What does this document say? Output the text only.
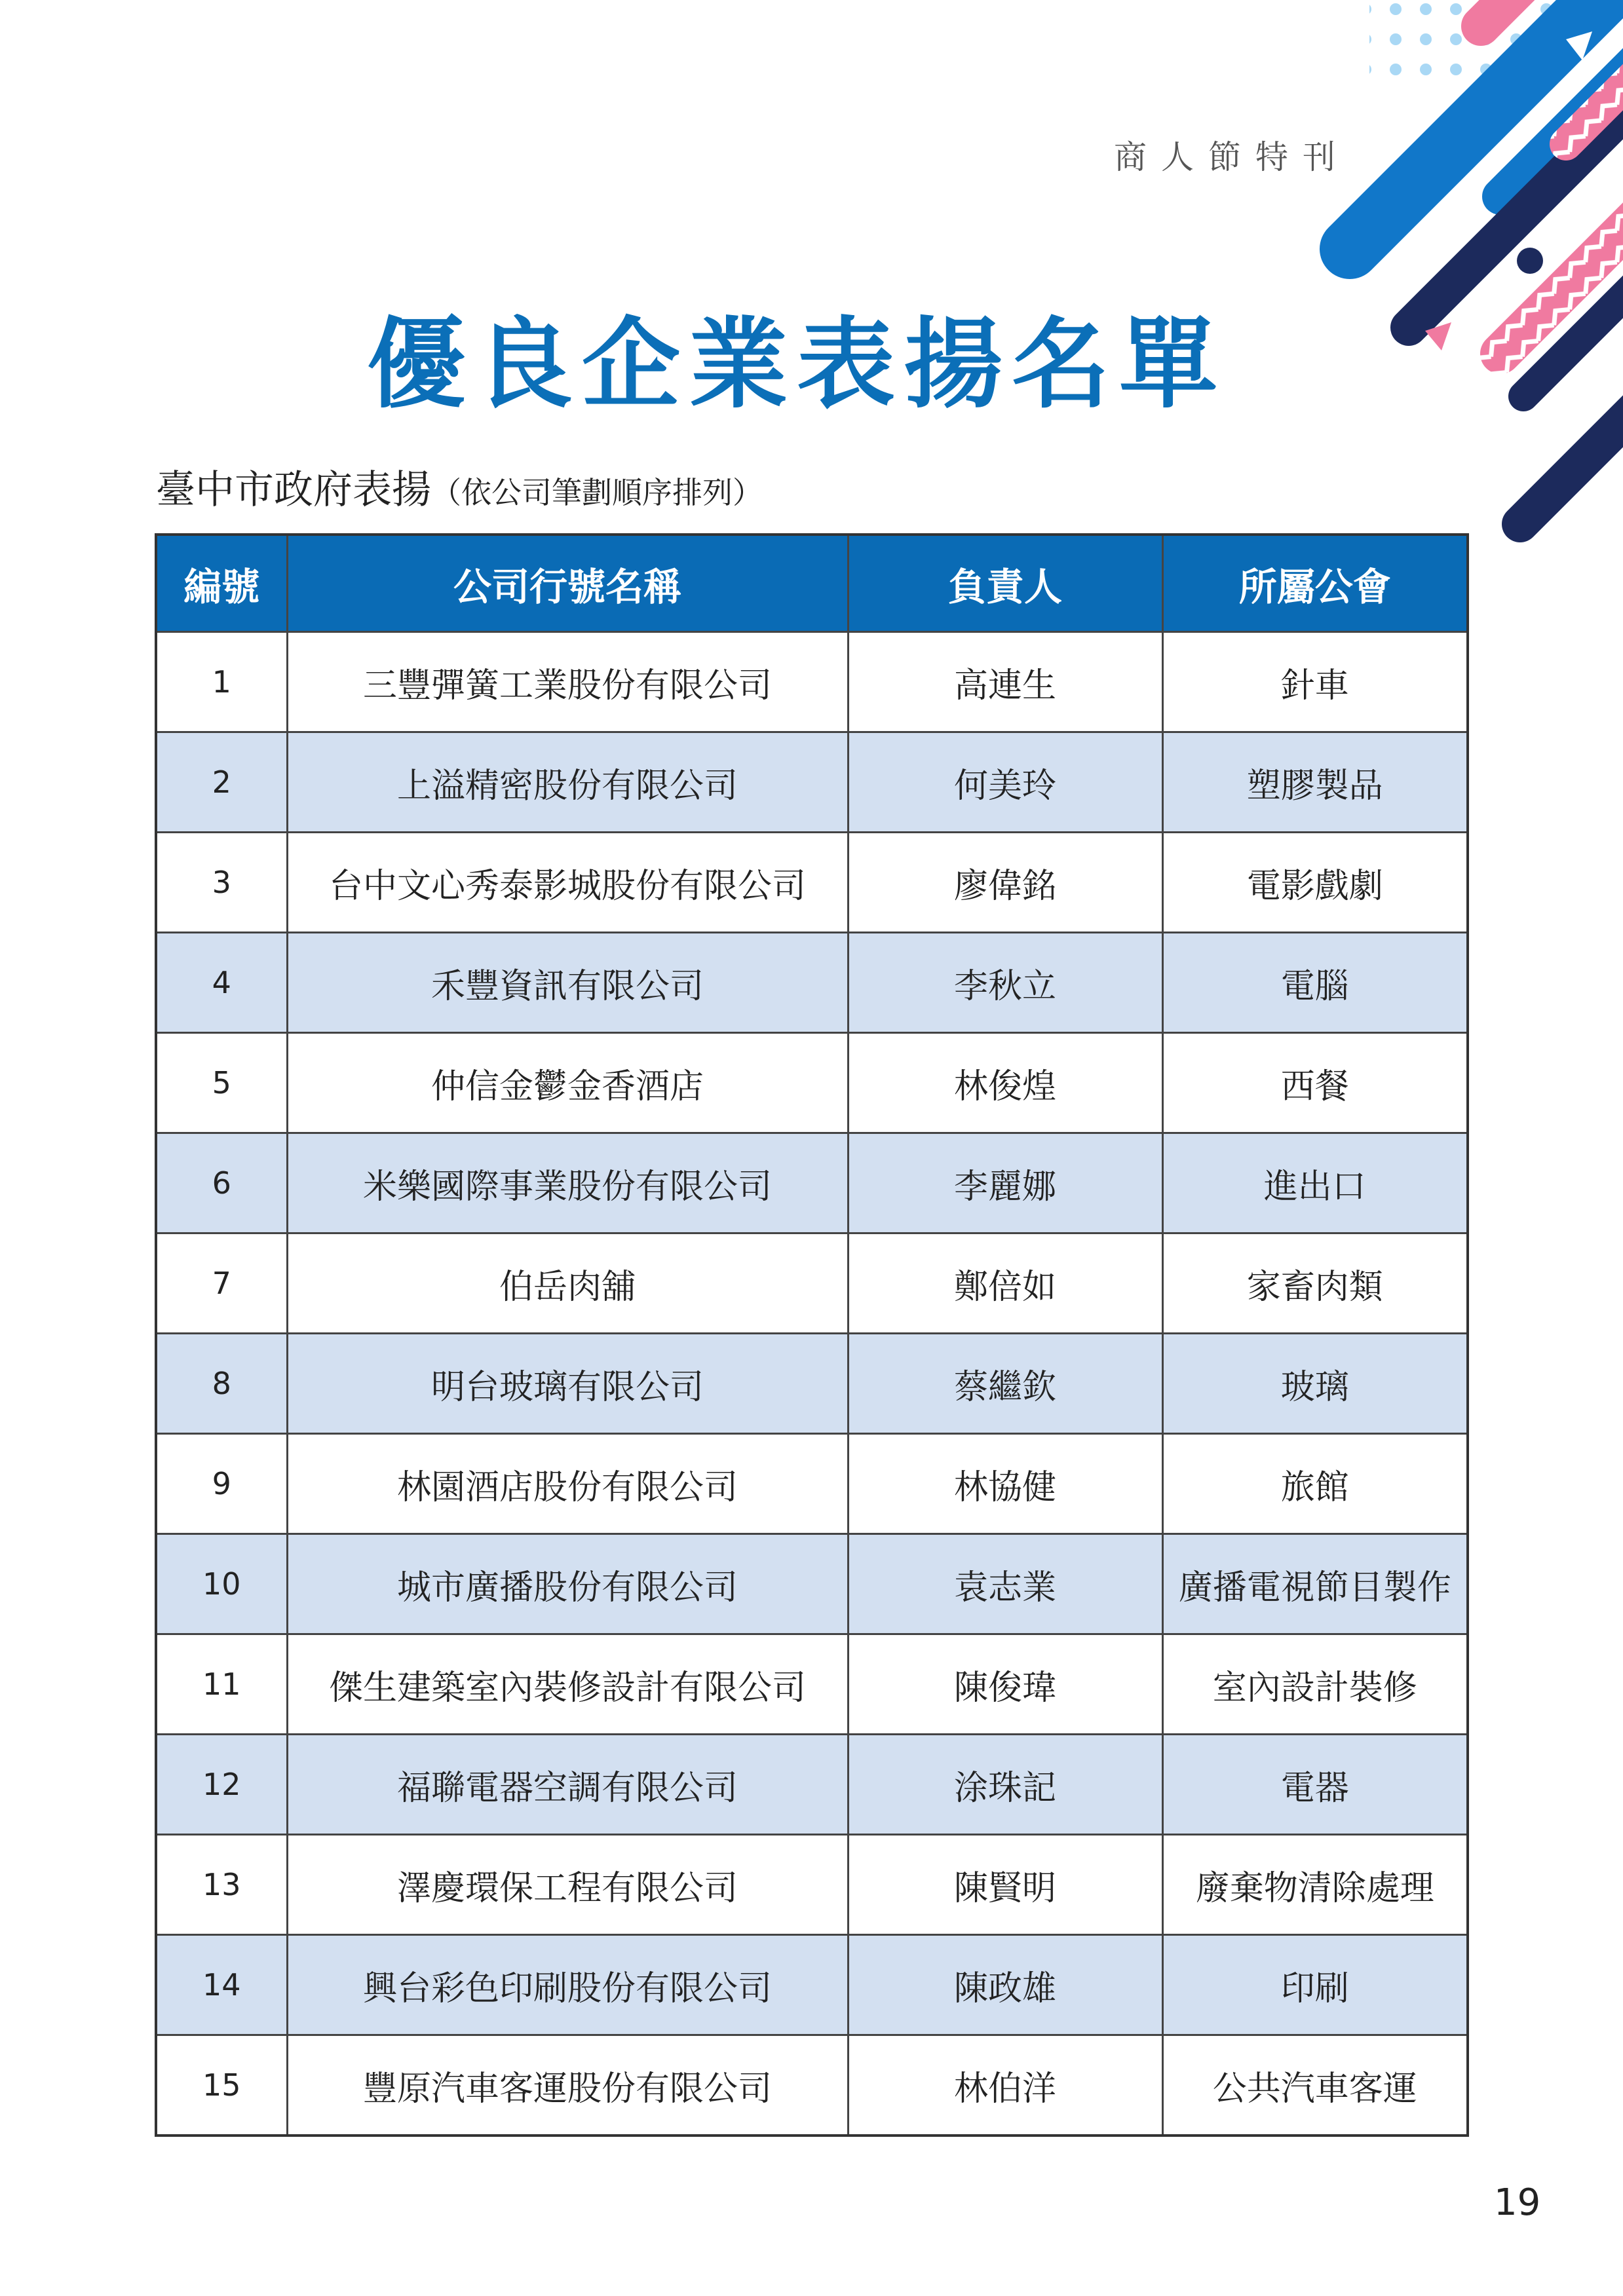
商人節特刊
優良企業表揚名單
臺中市政府表揚（依公司筆劃順序排列）
編號	公司行號名稱	負責人	所屬公會
1	三豐彈簧工業股份有限公司	高連生	針車
2	上溢精密股份有限公司	何美玲	塑膠製品
3	台中文心秀泰影城股份有限公司	廖偉銘	電影戲劇
4	禾豐資訊有限公司	李秋立	電腦
5	仲信金鬱金香酒店	林俊煌	西餐
6	米樂國際事業股份有限公司	李麗娜	進出口
7	伯岳肉舖	鄭倍如	家畜肉類
8	明台玻璃有限公司	蔡繼欽	玻璃
9	林園酒店股份有限公司	林協健	旅館
10	城市廣播股份有限公司	袁志業	廣播電視節目製作
11	傑生建築室內裝修設計有限公司	陳俊瑋	室內設計裝修
12	福聯電器空調有限公司	涂珠記	電器
13	澤慶環保工程有限公司	陳賢明	廢棄物清除處理
14	興台彩色印刷股份有限公司	陳政雄	印刷
15	豐原汽車客運股份有限公司	林伯洋	公共汽車客運
19
